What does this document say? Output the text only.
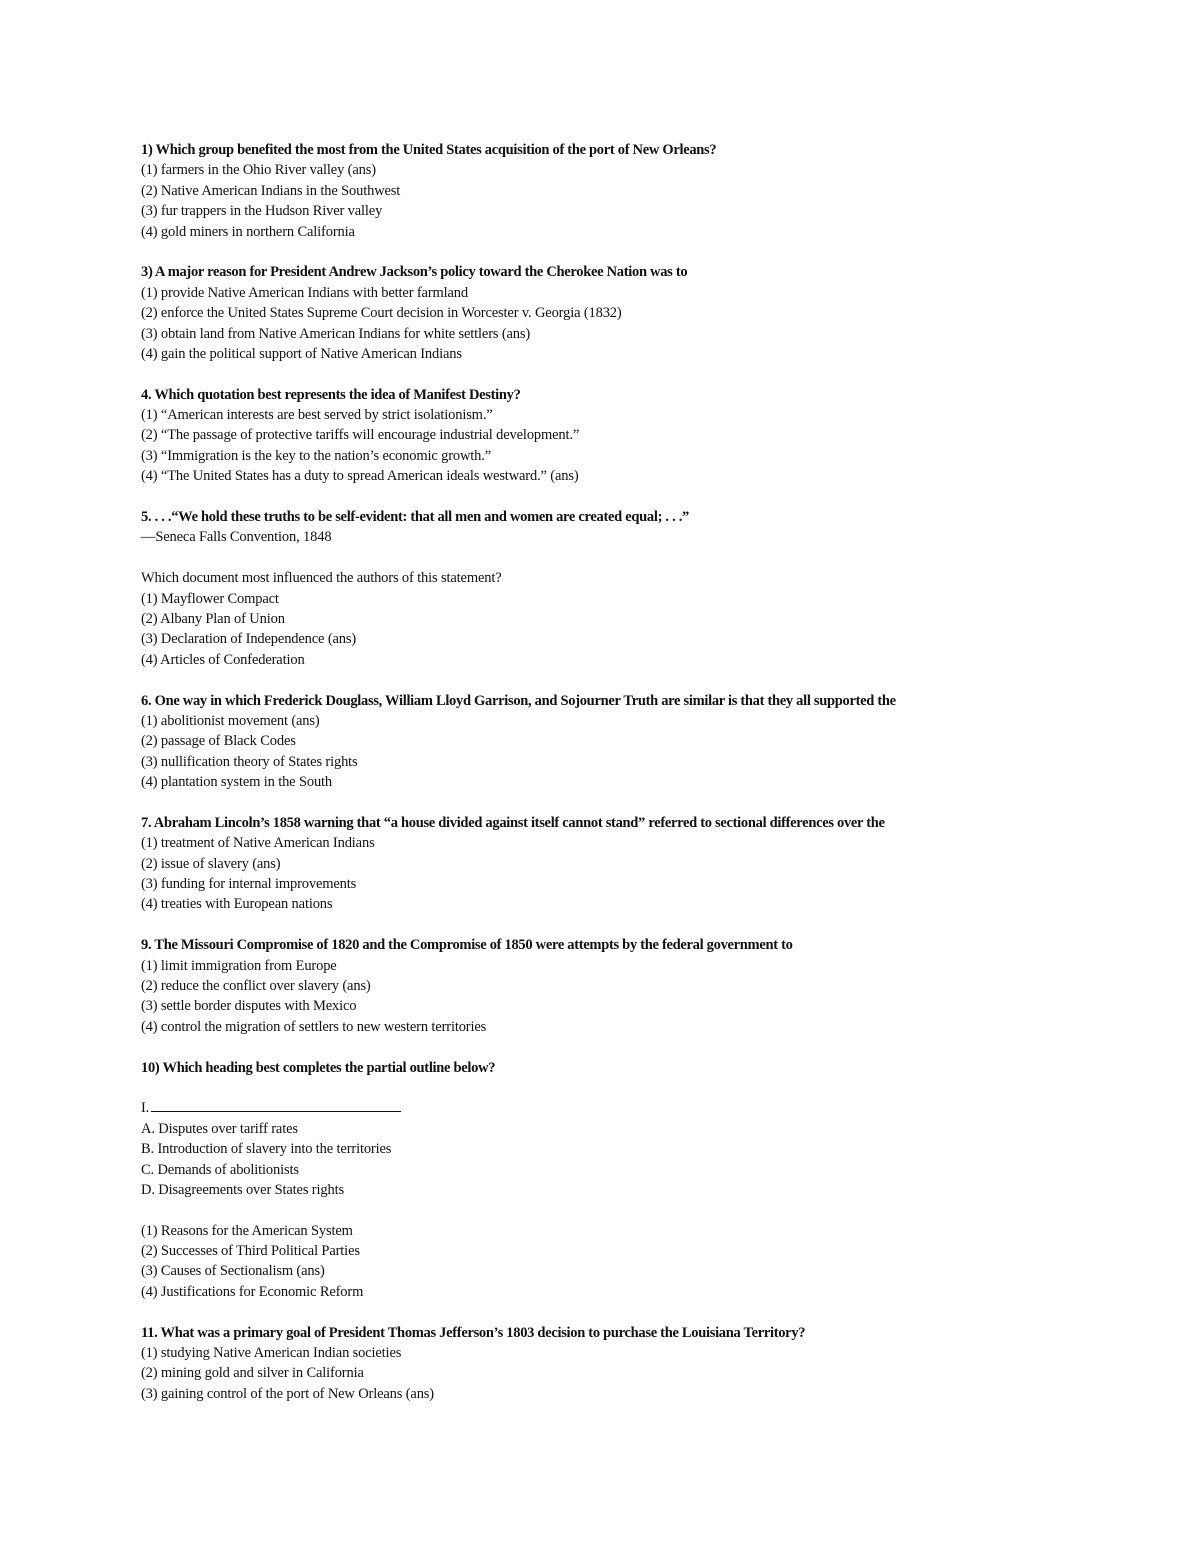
1) Which group benefited the most from the United States acquisition of the port of New Orleans?
(1) farmers in the Ohio River valley (ans)
(2) Native American Indians in the Southwest
(3) fur trappers in the Hudson River valley
(4) gold miners in northern California
3) A major reason for President Andrew Jackson’s policy toward the Cherokee Nation was to
(1) provide Native American Indians with better farmland
(2) enforce the United States Supreme Court decision in Worcester v. Georgia (1832)
(3) obtain land from Native American Indians for white settlers (ans)
(4) gain the political support of Native American Indians
4. Which quotation best represents the idea of Manifest Destiny?
(1) “American interests are best served by strict isolationism.”
(2) “The passage of protective tariffs will encourage industrial development.”
(3) “Immigration is the key to the nation’s economic growth.”
(4) “The United States has a duty to spread American ideals westward.” (ans)
5. . . .“We hold these truths to be self-evident: that all men and women are created equal; . . .”
—Seneca Falls Convention, 1848
Which document most influenced the authors of this statement?
(1) Mayflower Compact
(2) Albany Plan of Union
(3) Declaration of Independence (ans)
(4) Articles of Confederation
6. One way in which Frederick Douglass, William Lloyd Garrison, and Sojourner Truth are similar is that they all supported the
(1) abolitionist movement (ans)
(2) passage of Black Codes
(3) nullification theory of States rights
(4) plantation system in the South
7. Abraham Lincoln’s 1858 warning that “a house divided against itself cannot stand” referred to sectional differences over the
(1) treatment of Native American Indians
(2) issue of slavery (ans)
(3) funding for internal improvements
(4) treaties with European nations
9. The Missouri Compromise of 1820 and the Compromise of 1850 were attempts by the federal government to
(1) limit immigration from Europe
(2) reduce the conflict over slavery (ans)
(3) settle border disputes with Mexico
(4) control the migration of settlers to new western territories
10) Which heading best completes the partial outline below?
I.
A. Disputes over tariff rates
B. Introduction of slavery into the territories
C. Demands of abolitionists
D. Disagreements over States rights
(1) Reasons for the American System
(2) Successes of Third Political Parties
(3) Causes of Sectionalism (ans)
(4) Justifications for Economic Reform
11. What was a primary goal of President Thomas Jefferson’s 1803 decision to purchase the Louisiana Territory?
(1) studying Native American Indian societies
(2) mining gold and silver in California
(3) gaining control of the port of New Orleans (ans)
